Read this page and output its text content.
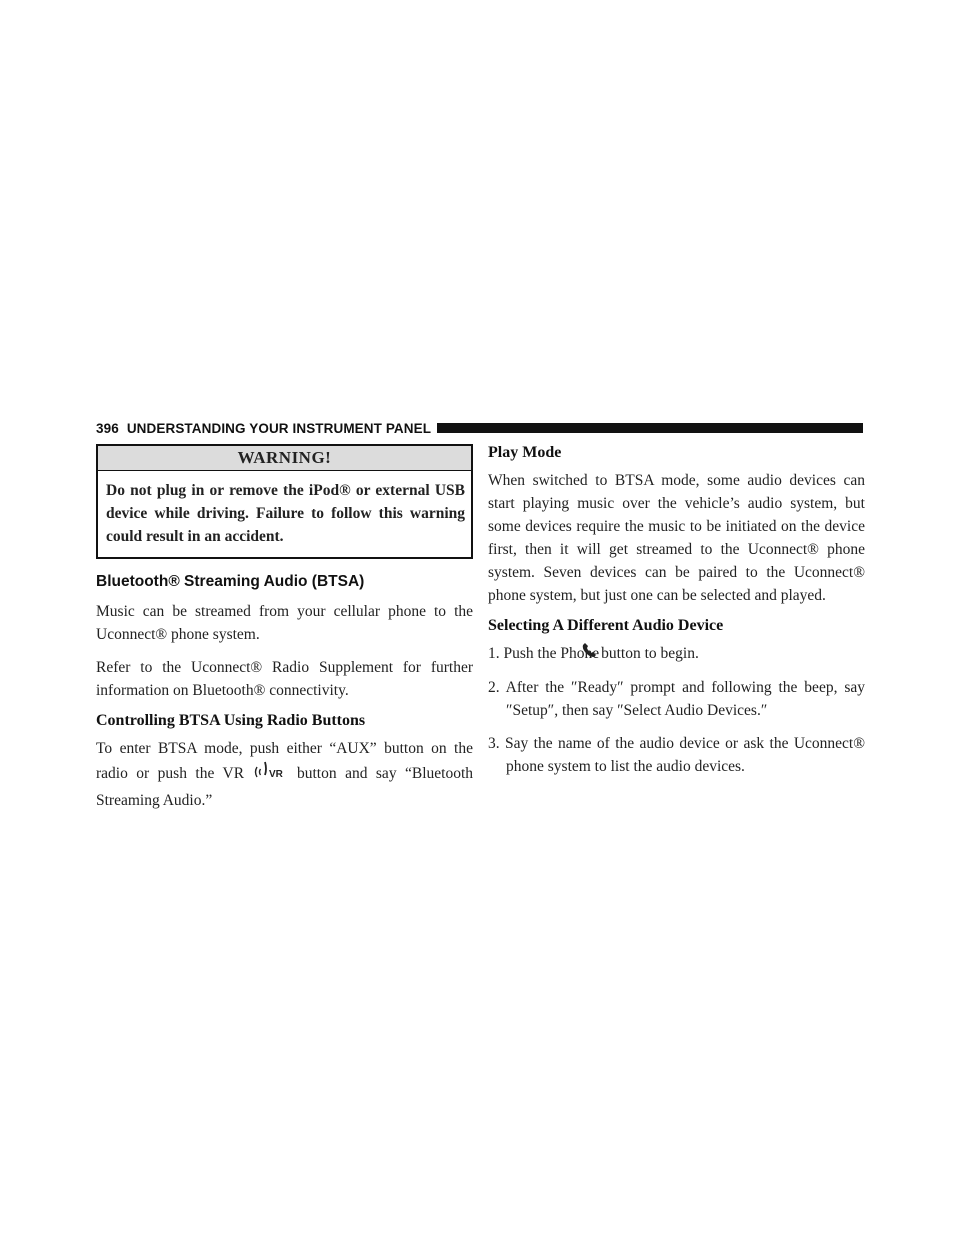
396 UNDERSTANDING YOUR INSTRUMENT PANEL
WARNING!
Do not plug in or remove the iPod® or external USB device while driving. Failure to follow this warning could result in an accident.
Bluetooth® Streaming Audio (BTSA)

Music can be streamed from your cellular phone to the Uconnect® phone system.

Refer to the Uconnect® Radio Supplement for further information on Bluetooth® connectivity.

Controlling BTSA Using Radio Buttons

To enter BTSA mode, push either “AUX” button on the radio or push the VR VR button and say “Bluetooth Streaming Audio.”

Play Mode

When switched to BTSA mode, some audio devices can start playing music over the vehicle’s audio system, but some devices require the music to be initiated on the device first, then it will get streamed to the Uconnect® phone system. Seven devices can be paired to the Uconnect® phone system, but just one can be selected and played.

Selecting A Different Audio Device
1. Push the Phone button to begin.
2. After the ″Ready″ prompt and following the beep, say ″Setup″, then say ″Select Audio Devices.″
3. Say the name of the audio device or ask the Uconnect® phone system to list the audio devices.
